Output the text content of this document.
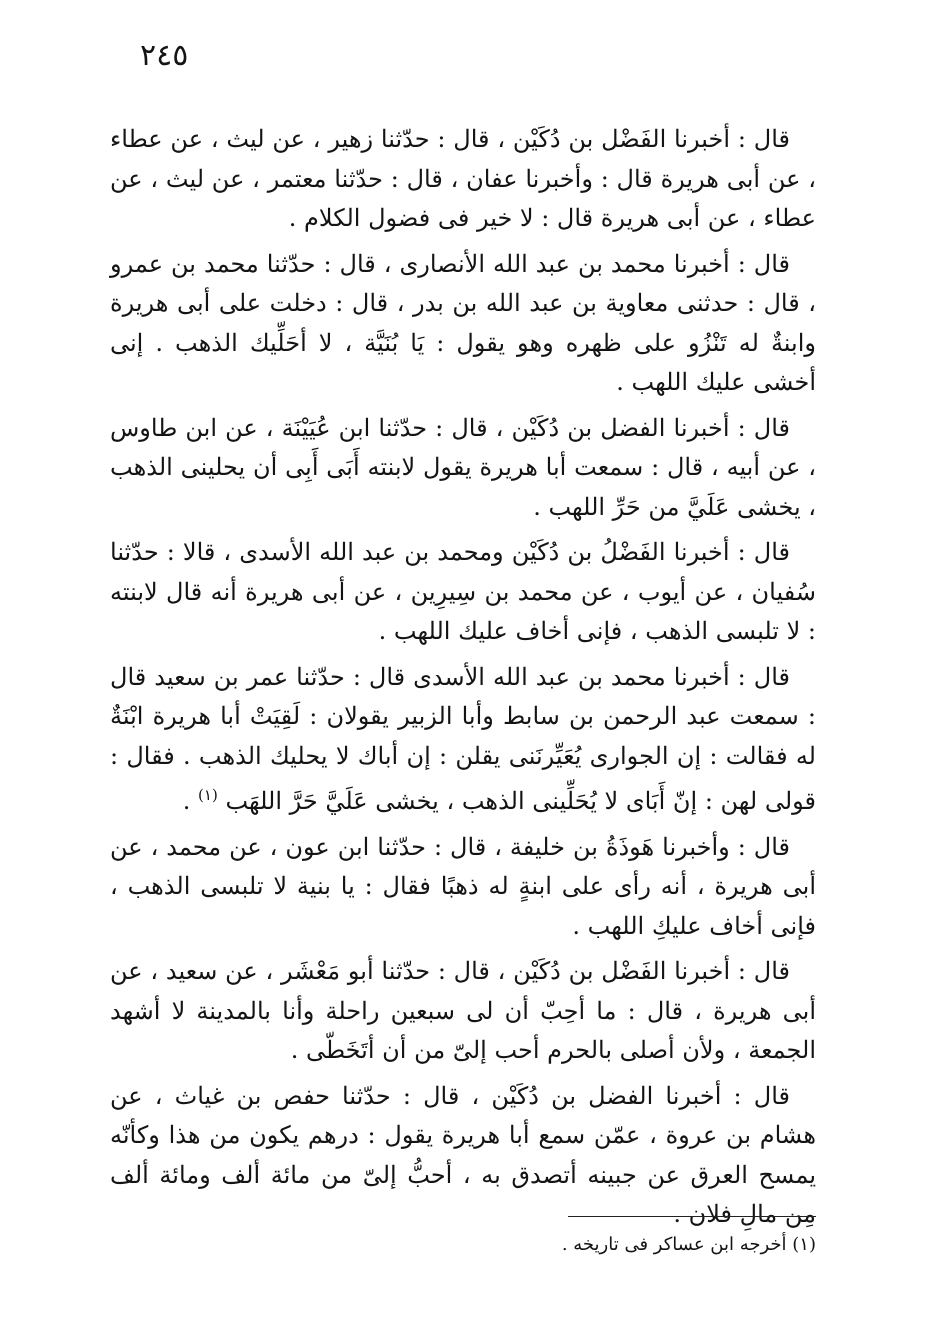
٢٤٥

قال : أخبرنا الفَضْل بن دُكَيْن ، قال : حدّثنا زهير ، عن ليث ، عن عطاء ، عن أبى هريرة قال : وأخبرنا عفان ، قال : حدّثنا معتمر ، عن ليث ، عن عطاء ، عن أبى هريرة قال : لا خير فى فضول الكلام .

قال : أخبرنا محمد بن عبد الله الأنصارى ، قال : حدّثنا محمد بن عمرو ، قال : حدثنى معاوية بن عبد الله بن بدر ، قال : دخلت على أبى هريرة وابنةٌ له تَنْزُو على ظهره وهو يقول : يَا بُنَيَّة ، لا أحَلِّيك الذهب . إنى أخشى عليك اللهب .

قال : أخبرنا الفضل بن دُكَيْن ، قال : حدّثنا ابن عُيَيْنَة ، عن ابن طاوس ، عن أبيه ، قال : سمعت أبا هريرة يقول لابنته أَبَى أَبِى أن يحلينى الذهب ، يخشى عَلَيَّ من حَرِّ اللهب .

قال : أخبرنا الفَضْلُ بن دُكَيْن ومحمد بن عبد الله الأسدى ، قالا : حدّثنا سُفيان ، عن أيوب ، عن محمد بن سِيرِين ، عن أبى هريرة أنه قال لابنته : لا تلبسى الذهب ، فإنى أخاف عليك اللهب .

قال : أخبرنا محمد بن عبد الله الأسدى قال : حدّثنا عمر بن سعيد قال : سمعت عبد الرحمن بن سابط وأبا الزبير يقولان : لَقِيَتْ أبا هريرة ابْنَةٌ له فقالت : إن الجوارى يُعَيِّرنَنى يقلن : إن أباك لا يحليك الذهب . فقال : قولى لهن : إنّ أَبَاى لا يُحَلِّينى الذهب ، يخشى عَلَيَّ حَرَّ اللهَب $^{(١)}$ .

قال : وأخبرنا هَوذَةُ بن خليفة ، قال : حدّثنا ابن عون ، عن محمد ، عن أبى هريرة ، أنه رأى على ابنةٍ له ذهبًا فقال : يا بنية لا تلبسى الذهب ، فإنى أخاف عليكِ اللهب .

قال : أخبرنا الفَضْل بن دُكَيْن ، قال : حدّثنا أبو مَعْشَر ، عن سعيد ، عن أبى هريرة ، قال : ما أحِبّ أن لى سبعين راحلة وأنا بالمدينة لا أشهد الجمعة ، ولأن أصلى بالحرم أحب إلىّ من أن أتَخَطّى .

قال : أخبرنا الفضل بن دُكَيْن ، قال : حدّثنا حفص بن غياث ، عن هشام بن عروة ، عمّن سمع أبا هريرة يقول : درهم يكون من هذا وكأنّه يمسح العرق عن جبينه أتصدق به ، أحبُّ إلىّ من مائة ألف ومائة ألف مِن مالِ فلان .

(١) أخرجه ابن عساكر فى تاريخه .
